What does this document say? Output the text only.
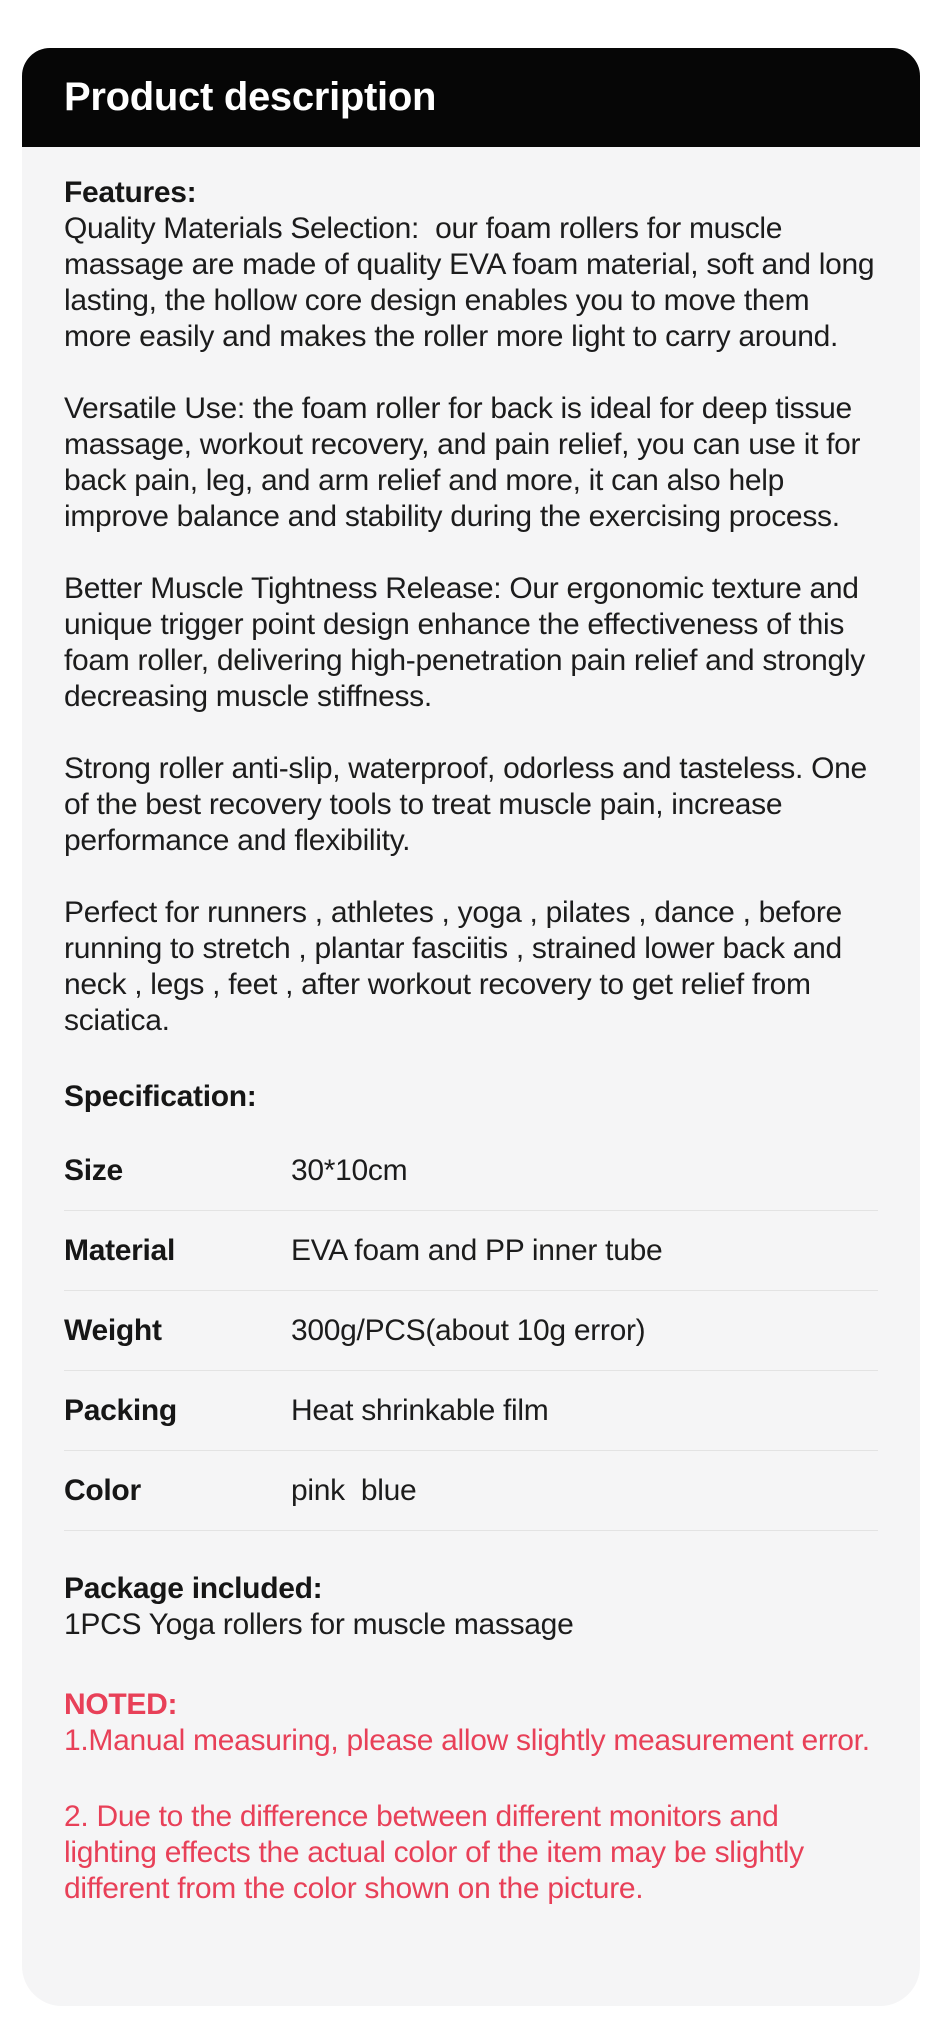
Product description
Features:

Quality Materials Selection:  our foam rollers for muscle massage are made of quality EVA foam material, soft and long lasting, the hollow core design enables you to move them more easily and makes the roller more light to carry around.

Versatile Use: the foam roller for back is ideal for deep tissue massage, workout recovery, and pain relief, you can use it for back pain, leg, and arm relief and more, it can also help improve balance and stability during the exercising process.

Better Muscle Tightness Release: Our ergonomic texture and unique trigger point design enhance the effectiveness of this foam roller, delivering high-penetration pain relief and strongly decreasing muscle stiffness.

Strong roller anti-slip, waterproof, odorless and tasteless. One of the best recovery tools to treat muscle pain, increase performance and flexibility.

Perfect for runners , athletes , yoga , pilates , dance , before running to stretch , plantar fasciitis , strained lower back and neck , legs , feet , after workout recovery to get relief from sciatica.

Specification:
Size	30*10cm
Material	EVA foam and PP inner tube
Weight	300g/PCS(about 10g error)
Packing	Heat shrinkable film
Color	pink  blue
Package included:

1PCS Yoga rollers for muscle massage

NOTED:

1.Manual measuring, please allow slightly measurement error.

2. Due to the difference between different monitors and lighting effects the actual color of the item may be slightly different from the color shown on the picture.
